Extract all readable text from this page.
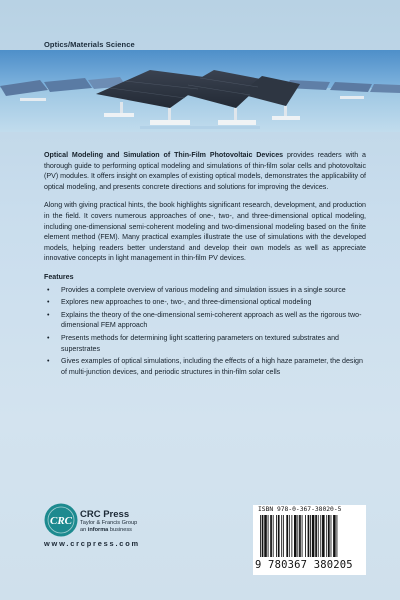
Optics/Materials Science

Optical Modeling and Simulation of Thin-Film Photovoltaic Devices provides readers with a thorough guide to performing optical modeling and simulations of thin-film solar cells and photovoltaic (PV) modules. It offers insight on examples of existing optical models, demonstrates the applicability of optical modeling, and presents concrete directions and solutions for improving the devices.

Along with giving practical hints, the book highlights significant research, development, and production in the field. It covers numerous approaches of one-, two-, and three-dimensional optical modeling, including one-dimensional semi-coherent modeling and two-dimensional modeling based on the finite element method (FEM). Many practical examples illustrate the use of simulations with the developed models, helping readers better understand and develop their own models as well as appreciate innovative concepts in light management in thin-film PV devices.

Features
• Provides a complete overview of various modeling and simulation issues in a single source
• Explores new approaches to one-, two-, and three-dimensional optical modeling
• Explains the theory of the one-dimensional semi-coherent approach as well as the rigorous two-dimensional FEM approach
• Presents methods for determining light scattering parameters on textured substrates and superstrates
• Gives examples of optical simulations, including the effects of a high haze parameter, the design of multi-junction devices, and periodic structures in thin-film solar cells
CRC
CRC Press
Taylor & Francis Group
an informa business
www.crcpress.com
ISBN 978-0-367-38020-5
9 780367 380205
